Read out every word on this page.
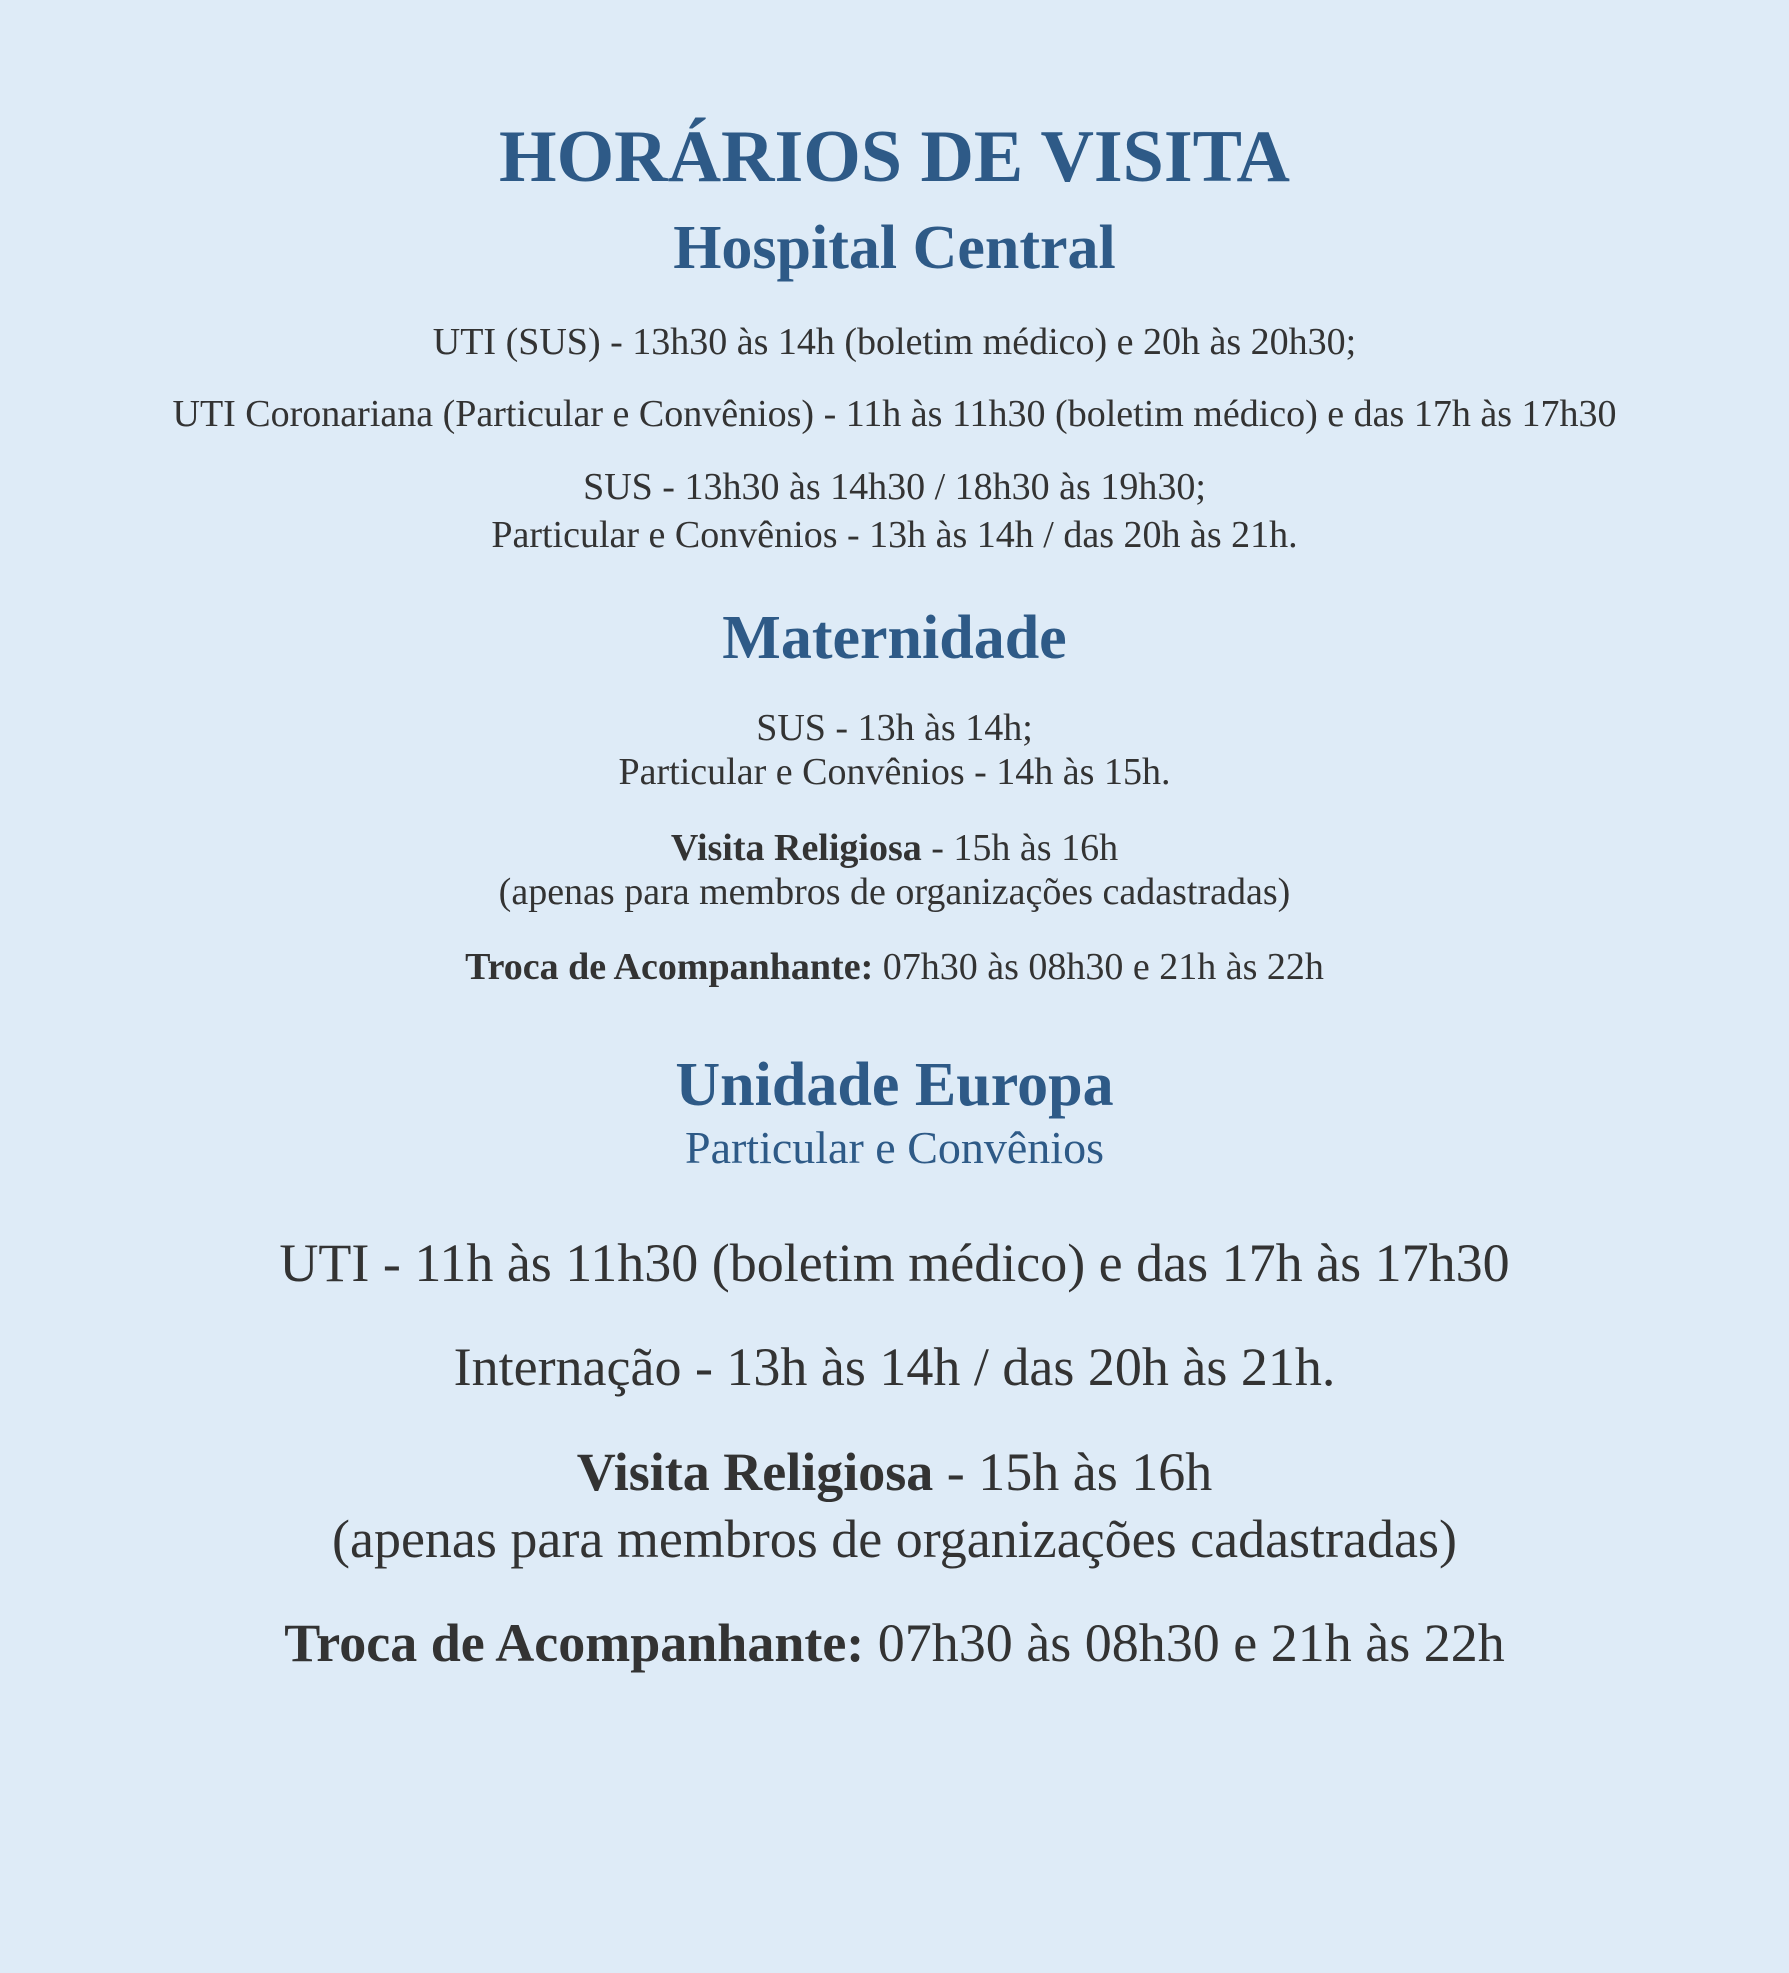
HORÁRIOS DE VISITA
Hospital Central

UTI (SUS) - 13h30 às 14h (boletim médico) e 20h às 20h30;

UTI Coronariana (Particular e Convênios) - 11h às 11h30 (boletim médico) e das 17h às 17h30

SUS - 13h30 às 14h30 / 18h30 às 19h30;

Particular e Convênios - 13h às 14h / das 20h às 21h.

Maternidade

SUS - 13h às 14h;

Particular e Convênios - 14h às 15h.

Visita Religiosa - 15h às 16h

(apenas para membros de organizações cadastradas)

Troca de Acompanhante: 07h30 às 08h30 e 21h às 22h

Unidade Europa

Particular e Convênios

UTI - 11h às 11h30 (boletim médico) e das 17h às 17h30

Internação - 13h às 14h / das 20h às 21h.

Visita Religiosa - 15h às 16h

(apenas para membros de organizações cadastradas)

Troca de Acompanhante: 07h30 às 08h30 e 21h às 22h
